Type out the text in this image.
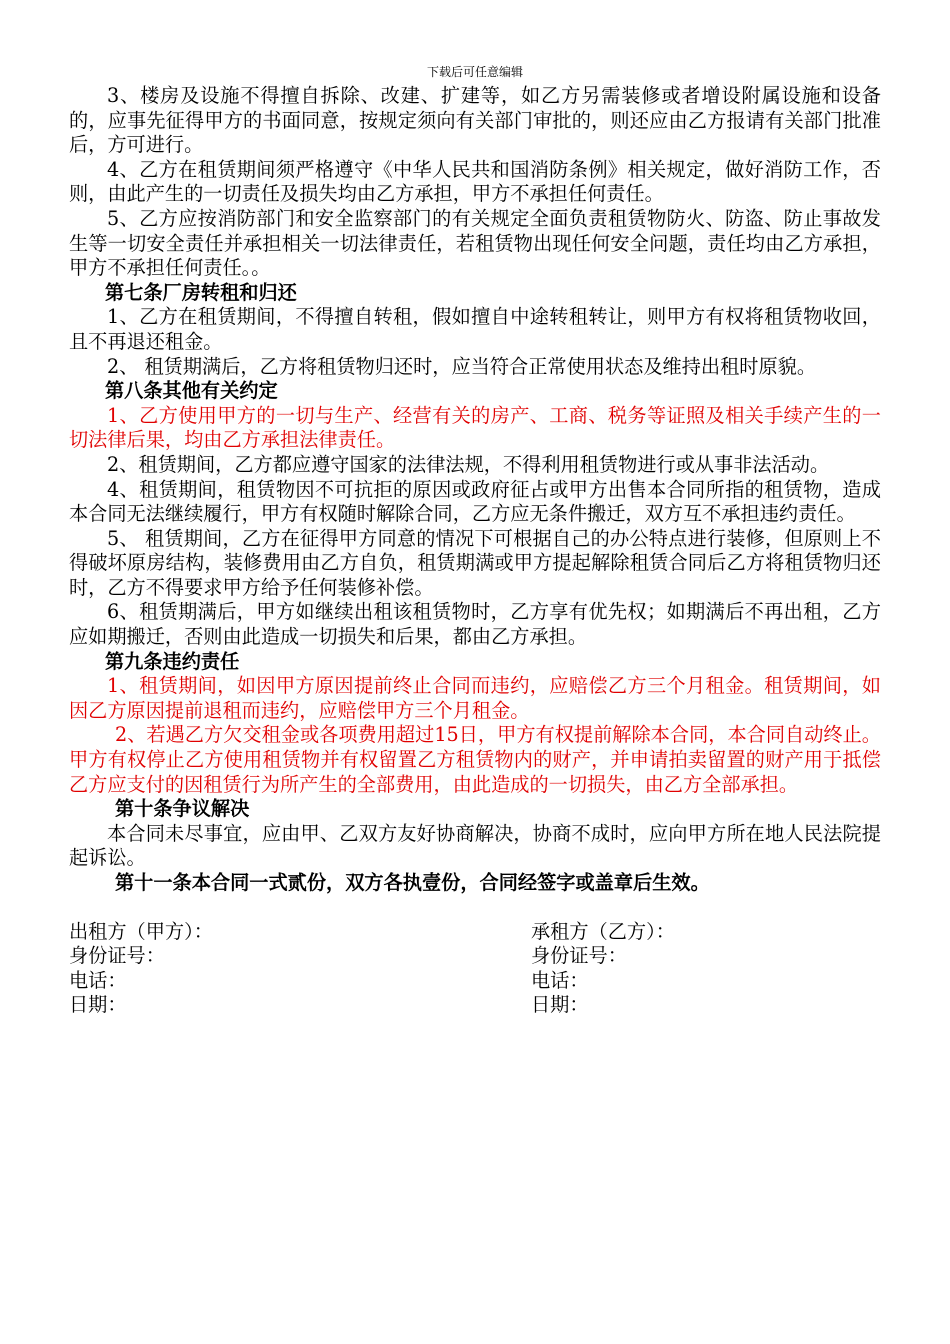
下载后可任意编辑

3、楼房及设施不得擅自拆除、改建、扩建等，如乙方另需装修或者增设附属设施和设备的，应事先征得甲方的书面同意，按规定须向有关部门审批的，则还应由乙方报请有关部门批准后，方可进行。

4、乙方在租赁期间须严格遵守《中华人民共和国消防条例》相关规定，做好消防工作，否则，由此产生的一切责任及损失均由乙方承担，甲方不承担任何责任。

5、乙方应按消防部门和安全监察部门的有关规定全面负责租赁物防火、防盗、防止事故发生等一切安全责任并承担相关一切法律责任，若租赁物出现任何安全问题，责任均由乙方承担，甲方不承担任何责任。。

第七条厂房转租和归还

1、乙方在租赁期间，不得擅自转租，假如擅自中途转租转让，则甲方有权将租赁物收回，且不再退还租金。

2、 租赁期满后，乙方将租赁物归还时，应当符合正常使用状态及维持出租时原貌。

第八条其他有关约定

1、乙方使用甲方的一切与生产、经营有关的房产、工商、税务等证照及相关手续产生的一切法律后果，均由乙方承担法律责任。

2、租赁期间，乙方都应遵守国家的法律法规，不得利用租赁物进行或从事非法活动。

4、租赁期间，租赁物因不可抗拒的原因或政府征占或甲方出售本合同所指的租赁物，造成本合同无法继续履行，甲方有权随时解除合同，乙方应无条件搬迁，双方互不承担违约责任。

5、 租赁期间，乙方在征得甲方同意的情况下可根据自己的办公特点进行装修，但原则上不得破坏原房结构，装修费用由乙方自负，租赁期满或甲方提起解除租赁合同后乙方将租赁物归还时，乙方不得要求甲方给予任何装修补偿。

6、租赁期满后，甲方如继续出租该租赁物时，乙方享有优先权；如期满后不再出租，乙方应如期搬迁，否则由此造成一切损失和后果，都由乙方承担。

第九条违约责任

1、租赁期间，如因甲方原因提前终止合同而违约，应赔偿乙方三个月租金。租赁期间，如因乙方原因提前退租而违约，应赔偿甲方三个月租金。

2、若遇乙方欠交租金或各项费用超过15日，甲方有权提前解除本合同，本合同自动终止。甲方有权停止乙方使用租赁物并有权留置乙方租赁物内的财产，并申请拍卖留置的财产用于抵偿乙方应支付的因租赁行为所产生的全部费用，由此造成的一切损失，由乙方全部承担。

第十条争议解决

本合同未尽事宜，应由甲、乙双方友好协商解决，协商不成时，应向甲方所在地人民法院提起诉讼。

第十一条本合同一式贰份，双方各执壹份，合同经签字或盖章后生效。

出租方（甲方）：

身份证号：

电话：

日期：

承租方（乙方）：

身份证号：

电话：

日期：
